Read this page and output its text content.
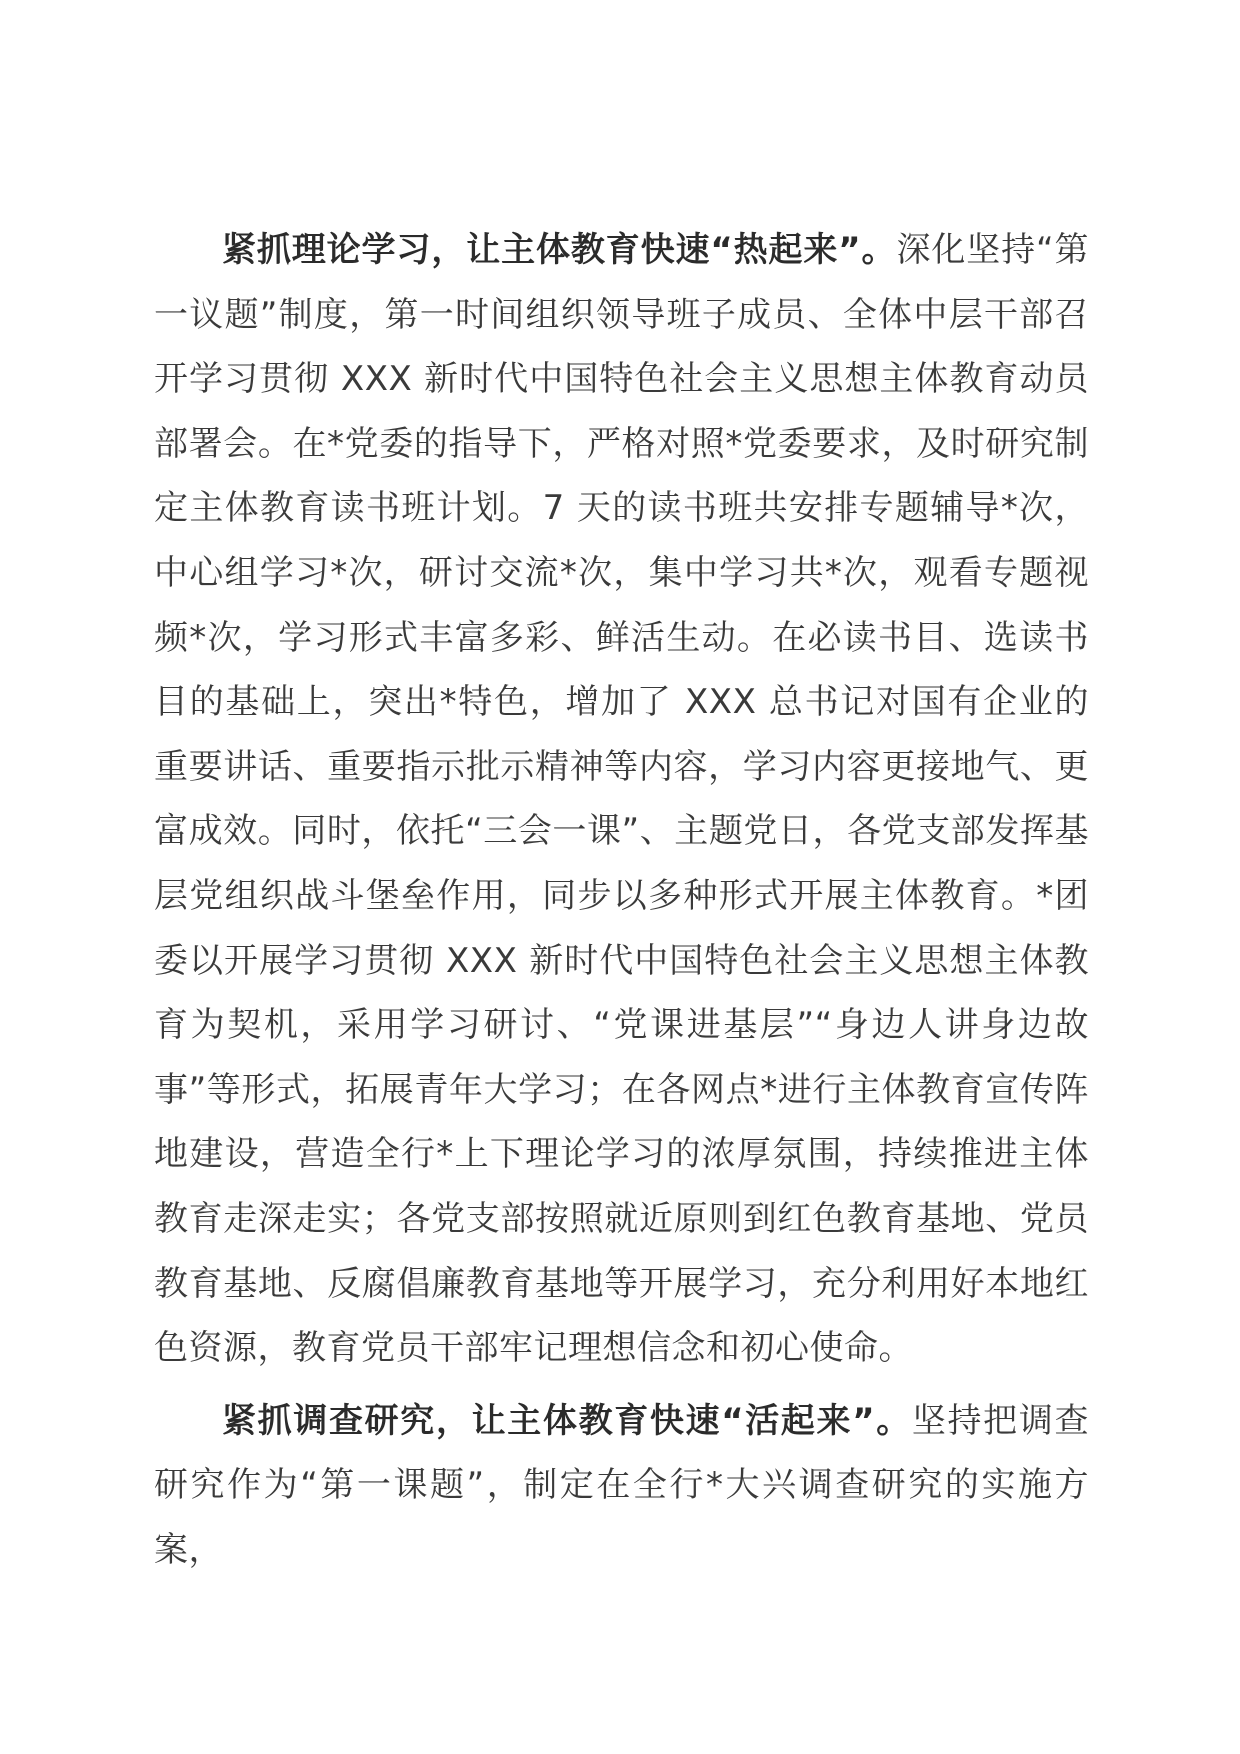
紧抓理论学习，让主体教育快速“热起来”。深化坚持“第一议题”制度，第一时间组织领导班子成员、全体中层干部召开学习贯彻 XXX 新时代中国特色社会主义思想主体教育动员部署会。在*党委的指导下，严格对照*党委要求，及时研究制定主体教育读书班计划。7 天的读书班共安排专题辅导*次，中心组学习*次，研讨交流*次，集中学习共*次，观看专题视频*次，学习形式丰富多彩、鲜活生动。在必读书目、选读书目的基础上，突出*特色，增加了 XXX 总书记对国有企业的重要讲话、重要指示批示精神等内容，学习内容更接地气、更富成效。同时，依托“三会一课”、主题党日，各党支部发挥基层党组织战斗堡垒作用，同步以多种形式开展主体教育。*团委以开展学习贯彻 XXX 新时代中国特色社会主义思想主体教育为契机，采用学习研讨、“党课进基层”“身边人讲身边故事”等形式，拓展青年大学习；在各网点*进行主体教育宣传阵地建设，营造全行*上下理论学习的浓厚氛围，持续推进主体教育走深走实；各党支部按照就近原则到红色教育基地、党员教育基地、反腐倡廉教育基地等开展学习，充分利用好本地红色资源，教育党员干部牢记理想信念和初心使命。

紧抓调查研究，让主体教育快速“活起来”。坚持把调查研究作为“第一课题”，制定在全行*大兴调查研究的实施方案，
